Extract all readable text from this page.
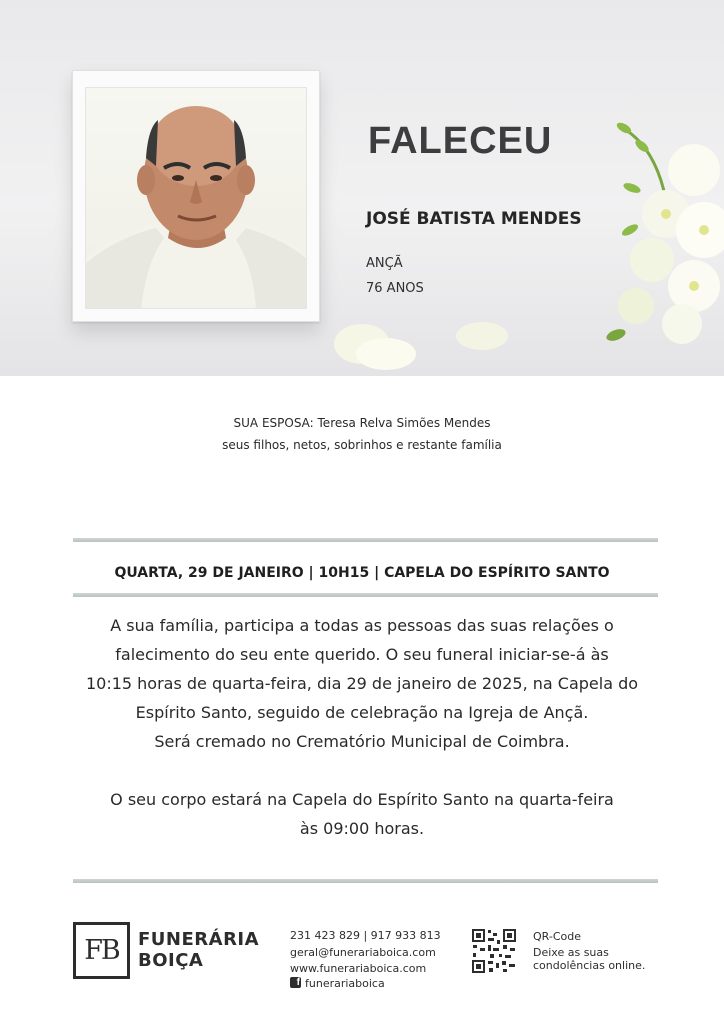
FALECEU
JOSÉ BATISTA MENDES
ANÇÃ
76 ANOS
SUA ESPOSA: Teresa Relva Simões Mendes
seus filhos, netos, sobrinhos e restante família
QUARTA, 29 DE JANEIRO | 10H15 | CAPELA DO ESPÍRITO SANTO
A sua família, participa a todas as pessoas das suas relações o
falecimento do seu ente querido. O seu funeral iniciar-se-á às
10:15 horas de quarta-feira, dia 29 de janeiro de 2025, na Capela do
Espírito Santo, seguido de celebração na Igreja de Ançã.
Será cremado no Crematório Municipal de Coimbra.
O seu corpo estará na Capela do Espírito Santo na quarta-feira
às 09:00 horas.
FB	FUNERÁRIA
BOIÇA
231 423 829 | 917 933 813
geral@funerariaboica.com
www.funerariaboica.com
f funerariaboica
QR-Code
Deixe as suas
condolências online.
